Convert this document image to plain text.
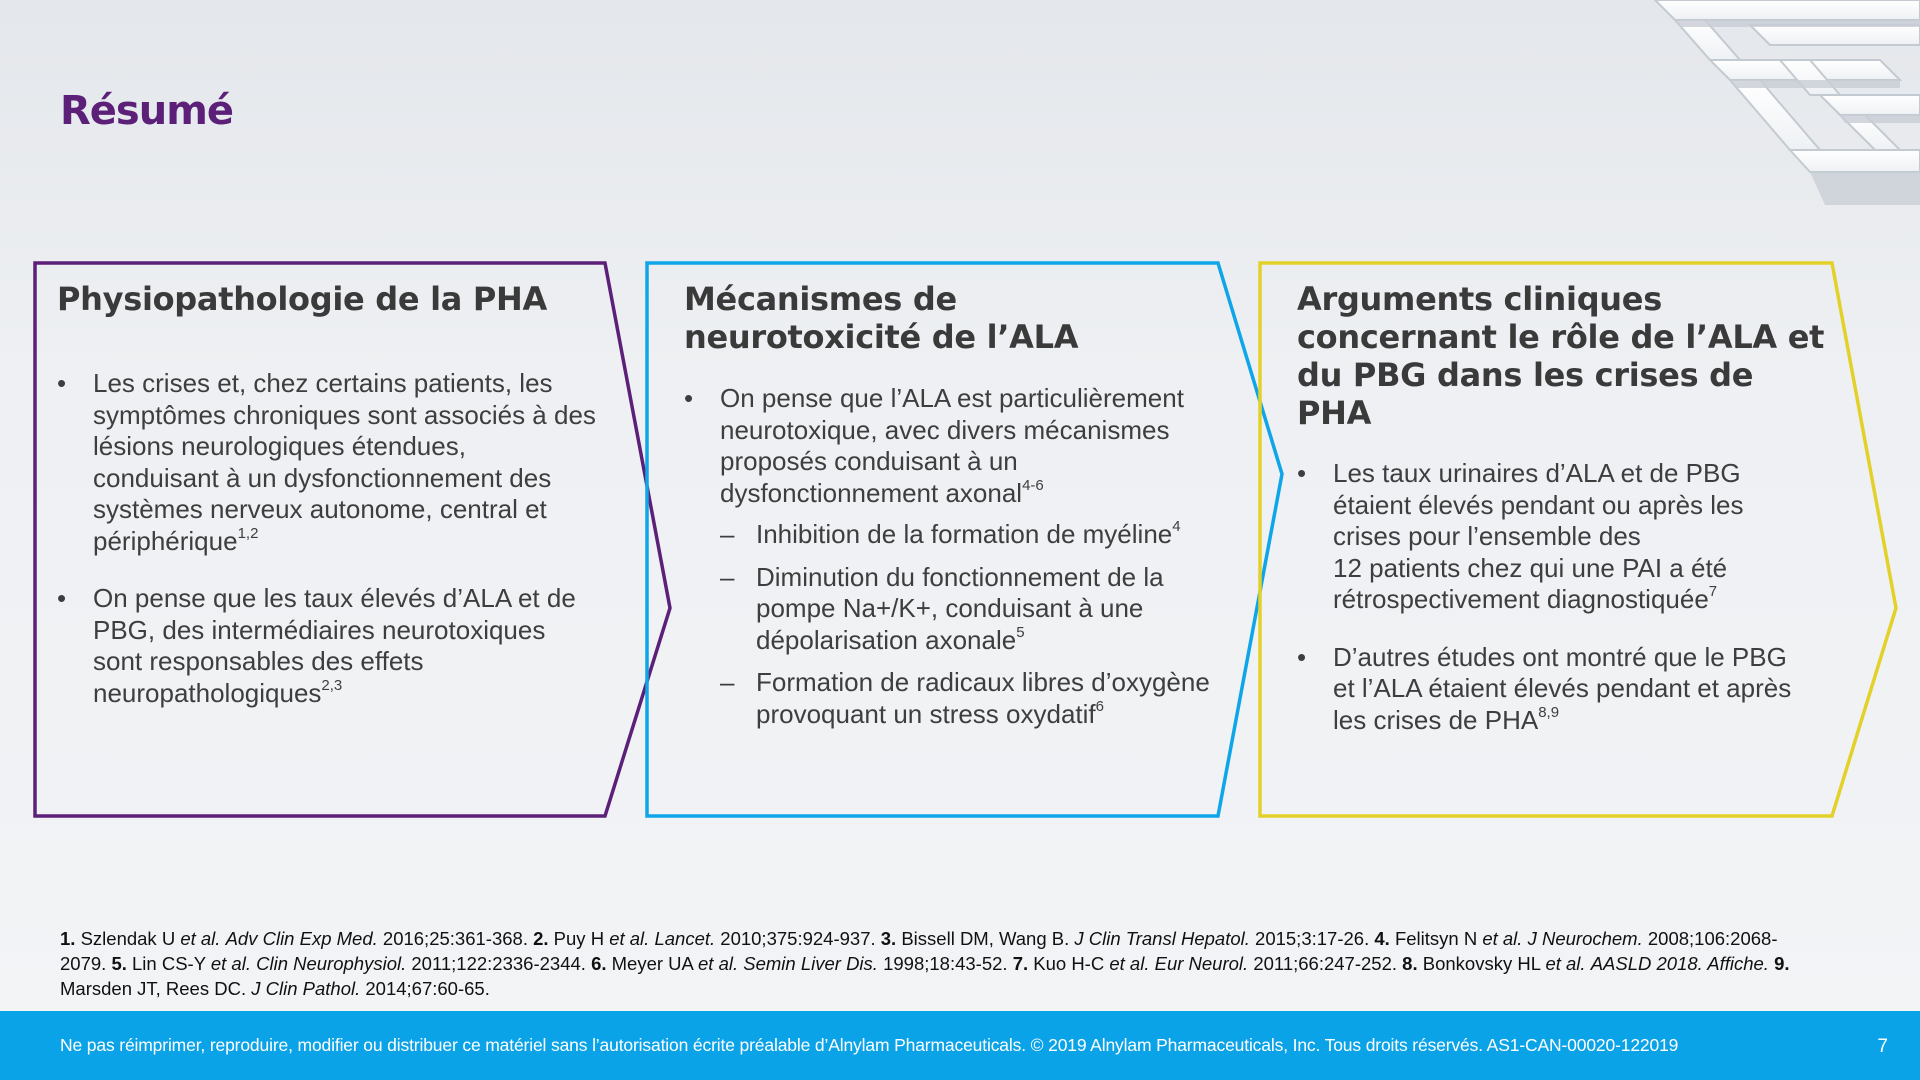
Résumé
Physiopathologie de la PHA
• Les crises et, chez certains patients, les symptômes chroniques sont associés à des lésions neurologiques étendues, conduisant à un dysfonctionnement des systèmes nerveux autonome, central et périphérique$^{1,2}$
• On pense que les taux élevés d’ALA et de PBG, des intermédiaires neurotoxiques sont responsables des effets neuropathologiques$^{2,3}$
Mécanismes de neurotoxicité de l’ALA
• On pense que l’ALA est particulièrement neurotoxique, avec divers mécanismes proposés conduisant à un dysfonctionnement axonal$^{4-6}$
– Inhibition de la formation de myéline$^4$
– Diminution du fonctionnement de la pompe Na+/K+, conduisant à une dépolarisation axonale$^5$
– Formation de radicaux libres d’oxygène provoquant un stress oxydatif$^6$
Arguments cliniques concernant le rôle de l’ALA et du PBG dans les crises de PHA
• Les taux urinaires d’ALA et de PBG étaient élevés pendant ou après les crises pour l’ensemble des
12 patients chez qui une PAI a été rétrospectivement diagnostiquée$^7$
• D’autres études ont montré que le PBG et l’ALA étaient élevés pendant et après les crises de PHA$^{8,9}$
1. Szlendak U et al. Adv Clin Exp Med. 2016;25:361-368. 2. Puy H et al. Lancet. 2010;375:924-937. 3. Bissell DM, Wang B. J Clin Transl Hepatol. 2015;3:17-26. 4. Felitsyn N et al. J Neurochem. 2008;106:2068-2079. 5. Lin CS-Y et al. Clin Neurophysiol. 2011;122:2336-2344. 6. Meyer UA et al. Semin Liver Dis. 1998;18:43-52. 7. Kuo H-C et al. Eur Neurol. 2011;66:247-252. 8. Bonkovsky HL et al. AASLD 2018. Affiche. 9. Marsden JT, Rees DC. J Clin Pathol. 2014;67:60-65.
Ne pas réimprimer, reproduire, modifier ou distribuer ce matériel sans l’autorisation écrite préalable d’Alnylam Pharmaceuticals. © 2019 Alnylam Pharmaceuticals, Inc. Tous droits réservés. AS1-CAN-00020-122019	7
